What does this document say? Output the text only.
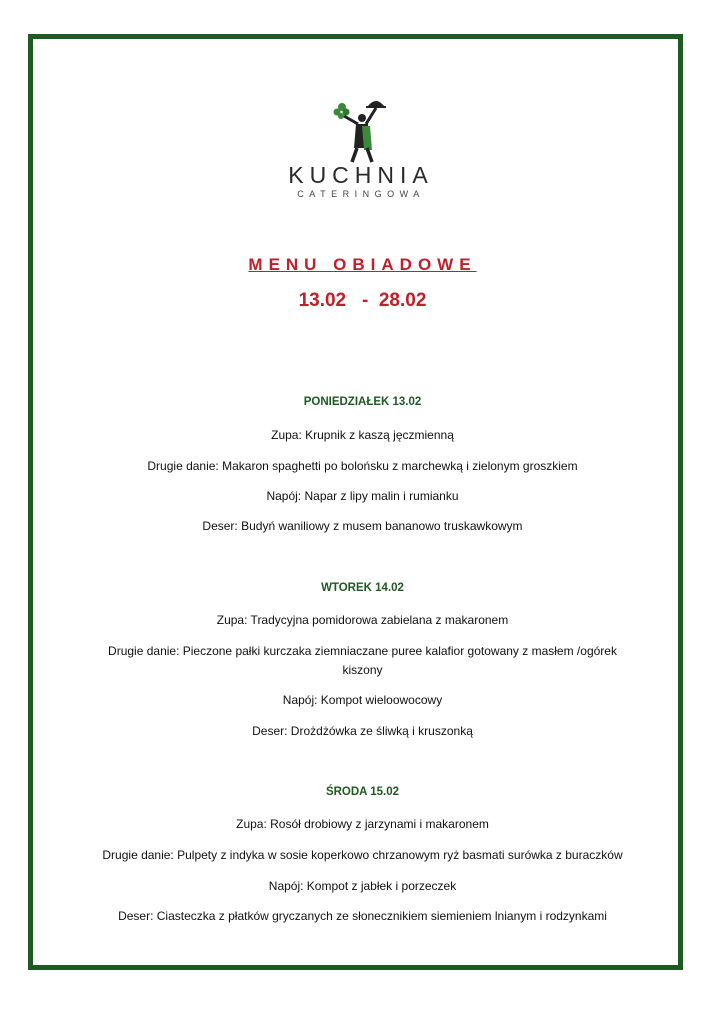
KUCHNIA
CATERINGOWA
MENU OBIADOWE
13.02   -  28.02
PONIEDZIAŁEK 13.02
Zupa: Krupnik z kaszą jęczmienną
Drugie danie: Makaron spaghetti po bolońsku z marchewką i zielonym groszkiem
Napój: Napar z lipy malin i rumianku
Deser: Budyń waniliowy z musem bananowo truskawkowym
WTOREK 14.02
Zupa: Tradycyjna pomidorowa zabielana z makaronem
Drugie danie: Pieczone pałki kurczaka ziemniaczane puree kalafior gotowany z masłem /ogórek kiszony
Napój: Kompot wieloowocowy
Deser: Drożdżówka ze śliwką i kruszonką
ŚRODA 15.02
Zupa: Rosół drobiowy z jarzynami i makaronem
Drugie danie: Pulpety z indyka w sosie koperkowo chrzanowym ryż basmati surówka z buraczków
Napój: Kompot z jabłek i porzeczek
Deser: Ciasteczka z płatków gryczanych ze słonecznikiem siemieniem lnianym i rodzynkami
